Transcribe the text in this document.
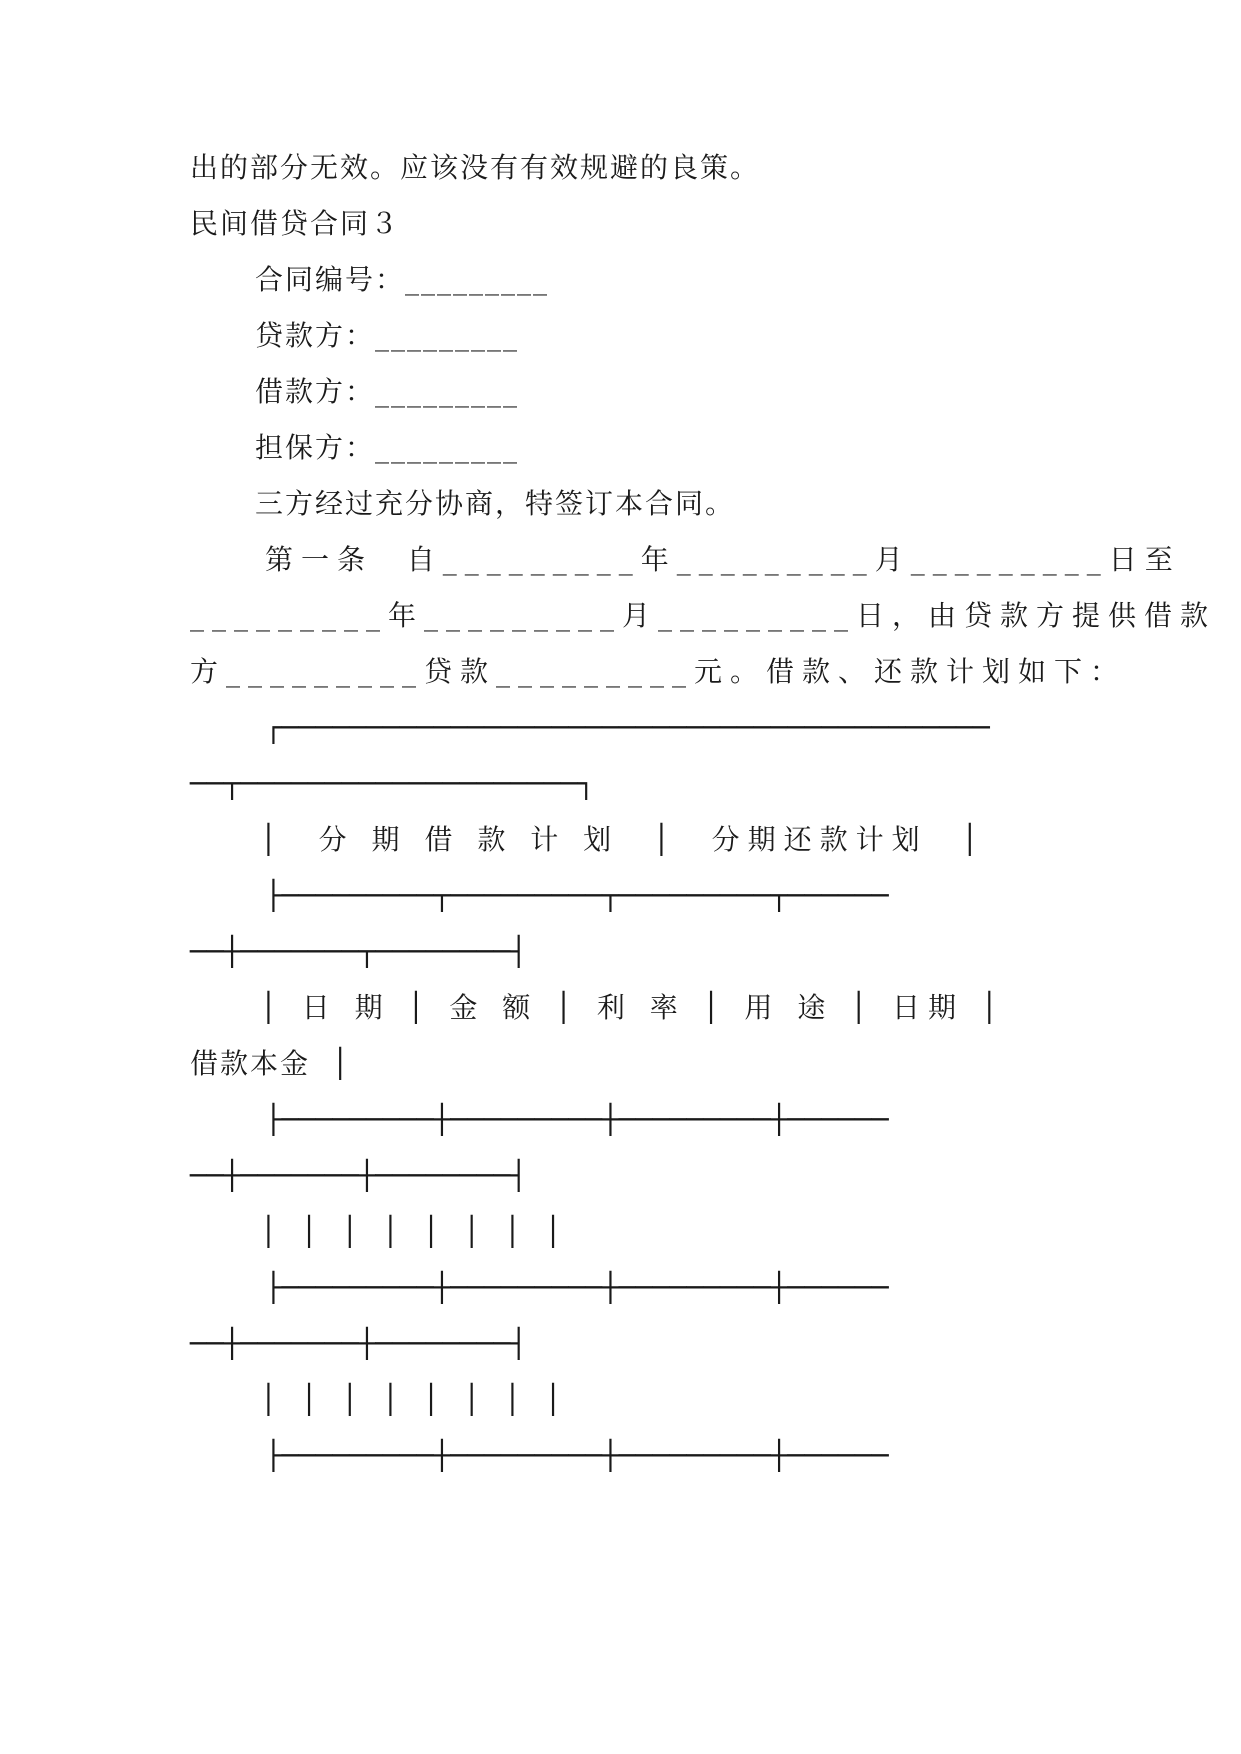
出的部分无效。应该没有有效规避的良策。
民间借贷合同３
合同编号：_________
贷款方：_________
借款方：_________
担保方：_________
三方经过充分协商，特签订本合同。
第一条  自_________年_________月_________日至
_________年_________月_________日，由贷款方提供借款
方_________贷款_________元。借款、还款计划如下：
┌──────────────────────────────────────────
──┬────────────────────┐
│  分 期 借 款 计 划  │  分期还款计划  │
├─────────┬─────────┬─────────┬──────
──┼───────┬────────┤
│ 日 期 │ 金 额 │ 利 率 │ 用 途 │ 日期 │
借款本金  │
├─────────┼─────────┼─────────┼──────
──┼───────┼────────┤
│  │  │  │  │  │  │  │
├─────────┼─────────┼─────────┼──────
──┼───────┼────────┤
│  │  │  │  │  │  │  │
├─────────┼─────────┼─────────┼──────
